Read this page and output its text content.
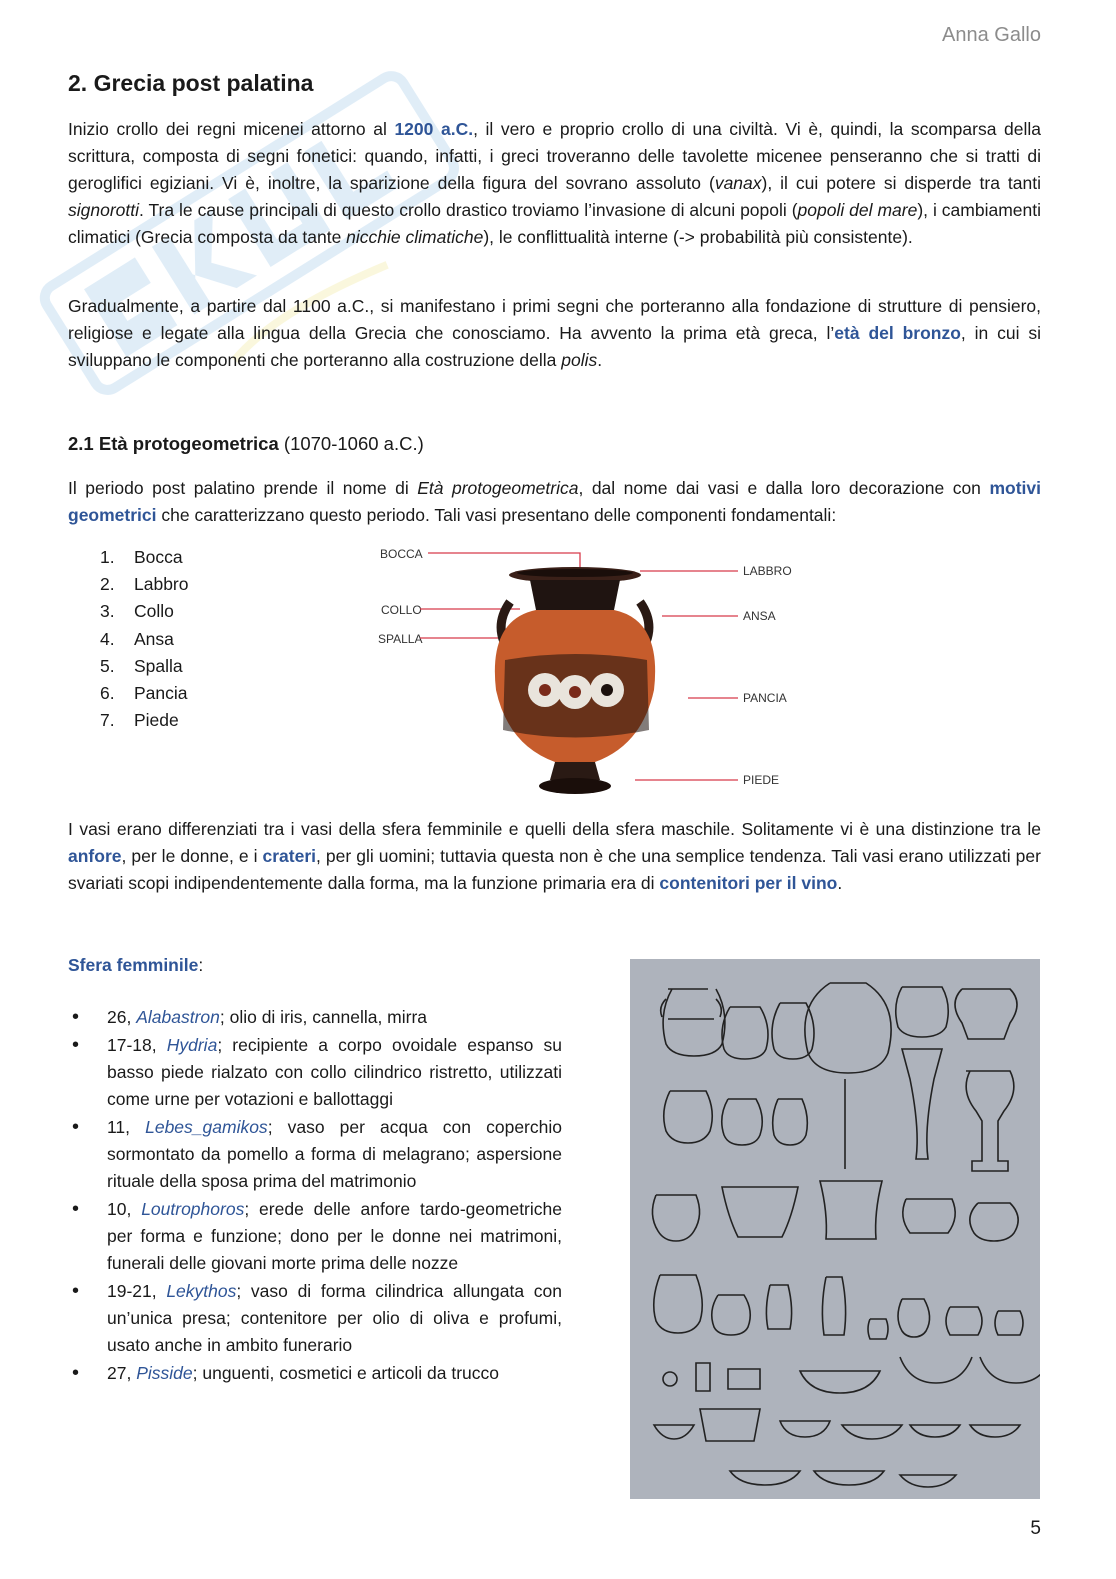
Anna Gallo
2. Grecia post palatina

Inizio crollo dei regni micenei attorno al 1200 a.C., il vero e proprio crollo di una civiltà. Vi è, quindi, la scomparsa della scrittura, composta di segni fonetici: quando, infatti, i greci troveranno delle tavolette micenee penseranno che si tratti di geroglifici egiziani. Vi è, inoltre, la sparizione della figura del sovrano assoluto (vanax), il cui potere si disperde tra tanti signorotti. Tra le cause principali di questo crollo drastico troviamo l’invasione di alcuni popoli (popoli del mare), i cambiamenti climatici (Grecia composta da tante nicchie climatiche), le conflittualità interne (-> probabilità più consistente).

Gradualmente, a partire dal 1100 a.C., si manifestano i primi segni che porteranno alla fondazione di strutture di pensiero, religiose e legate alla lingua della Grecia che conosciamo. Ha avvento la prima età greca, l’età del bronzo, in cui si sviluppano le componenti che porteranno alla costruzione della polis.

2.1 Età protogeometrica (1070-1060 a.C.)

Il periodo post palatino prende il nome di Età protogeometrica, dal nome dai vasi e dalla loro decorazione con motivi geometrici che caratterizzano questo periodo. Tali vasi presentano delle componenti fondamentali:

1. Bocca
2. Labbro
3. Collo
4. Ansa
5. Spalla
6. Pancia
7. Piede
BOCCA
LABBRO
COLLO	ANSA
SPALLA
PANCIA
PIEDE

I vasi erano differenziati tra i vasi della sfera femminile e quelli della sfera maschile. Solitamente vi è una distinzione tra le anfore, per le donne, e i crateri, per gli uomini; tuttavia questa non è che una semplice tendenza. Tali vasi erano utilizzati per svariati scopi indipendentemente dalla forma, ma la funzione primaria era di contenitori per il vino.

Sfera femminile:

• 26, Alabastron; olio di iris, cannella, mirra
• 17-18, Hydria; recipiente a corpo ovoidale espanso su basso piede rialzato con collo cilindrico ristretto, utilizzati come urne per votazioni e ballottaggi
• 11, Lebes_gamikos; vaso per acqua con coperchio sormontato da pomello a forma di melagrano; aspersione rituale della sposa prima del matrimonio
• 10, Loutrophoros; erede delle anfore tardo-geometriche per forma e funzione; dono per le donne nei matrimoni, funerali delle giovani morte prima delle nozze
• 19-21, Lekythos; vaso di forma cilindrica allungata con un’unica presa; contenitore per olio di oliva e profumi, usato anche in ambito funerario
• 27, Pisside; unguenti, cosmetici e articoli da trucco
5
